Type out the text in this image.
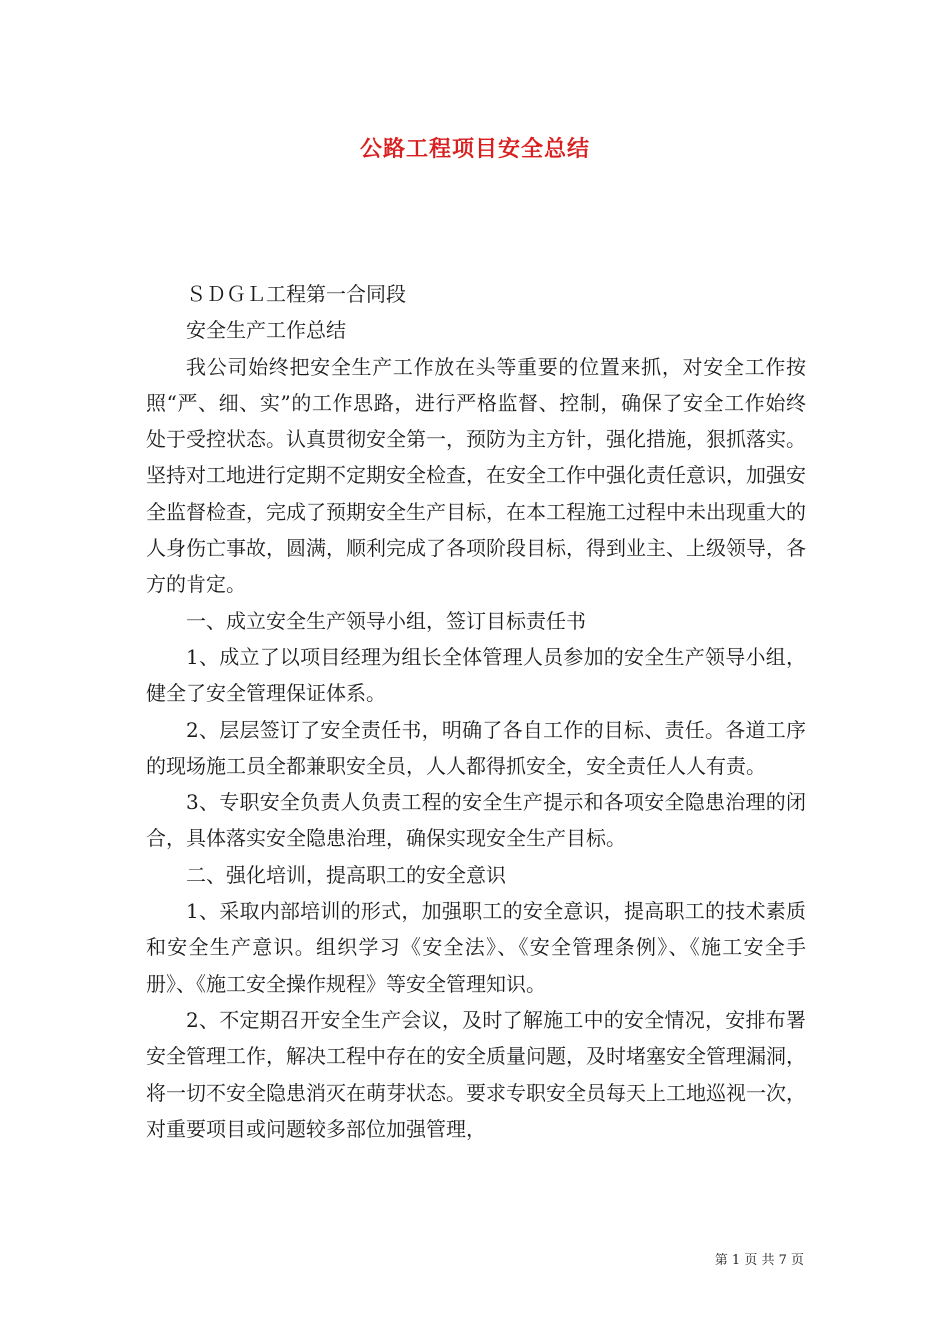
公路工程项目安全总结

ＳＤＧＬ工程第一合同段

安全生产工作总结

我公司始终把安全生产工作放在头等重要的位置来抓，对安全工作按照“严、细、实”的工作思路，进行严格监督、控制，确保了安全工作始终处于受控状态。认真贯彻安全第一，预防为主方针，强化措施，狠抓落实。坚持对工地进行定期不定期安全检查，在安全工作中强化责任意识，加强安全监督检查，完成了预期安全生产目标，在本工程施工过程中未出现重大的人身伤亡事故，圆满，顺利完成了各项阶段目标，得到业主、上级领导，各方的肯定。

一、成立安全生产领导小组，签订目标责任书

1、成立了以项目经理为组长全体管理人员参加的安全生产领导小组，健全了安全管理保证体系。

2、层层签订了安全责任书，明确了各自工作的目标、责任。各道工序的现场施工员全都兼职安全员，人人都得抓安全，安全责任人人有责。

3、专职安全负责人负责工程的安全生产提示和各项安全隐患治理的闭合，具体落实安全隐患治理，确保实现安全生产目标。

二、强化培训，提高职工的安全意识

1、采取内部培训的形式，加强职工的安全意识，提高职工的技术素质和安全生产意识。组织学习《安全法》、《安全管理条例》、《施工安全手册》、《施工安全操作规程》等安全管理知识。

2、不定期召开安全生产会议，及时了解施工中的安全情况，安排布署安全管理工作，解决工程中存在的安全质量问题，及时堵塞安全管理漏洞，将一切不安全隐患消灭在萌芽状态。要求专职安全员每天上工地巡视一次，对重要项目或问题较多部位加强管理，

第 1 页 共 7 页
